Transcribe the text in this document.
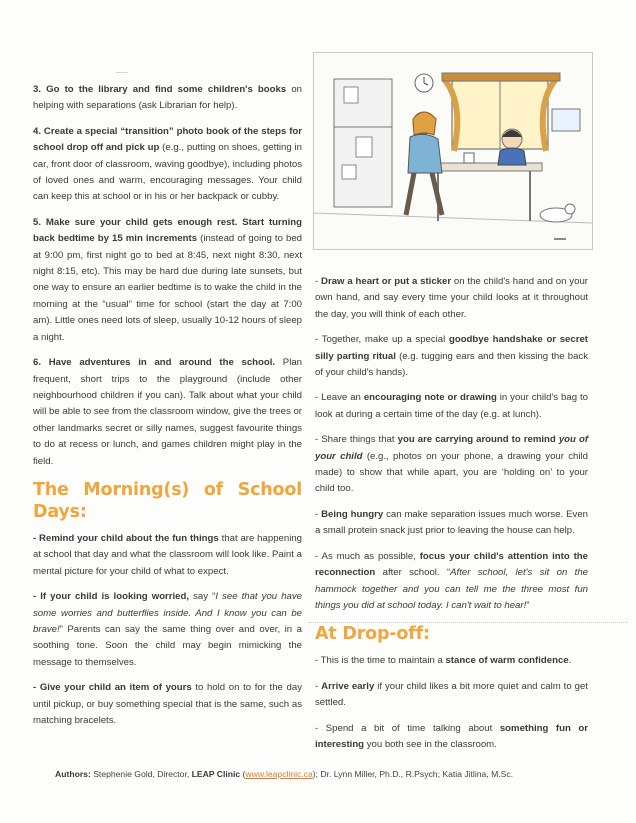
3. Go to the library and find some children's books on helping with separations (ask Librarian for help).

4. Create a special “transition” photo book of the steps for school drop off and pick up (e.g., putting on shoes, getting in car, front door of classroom, waving goodbye), including photos of loved ones and warm, encouraging messages. Your child can keep this at school or in his or her backpack or cubby.

5. Make sure your child gets enough rest. Start turning back bedtime by 15 min increments (instead of going to bed at 9:00 pm, first night go to bed at 8:45, next night 8:30, next night 8:15, etc). This may be hard due during late sunsets, but one way to ensure an earlier bedtime is to wake the child in the morning at the “usual” time for school (start the day at 7:00 am). Little ones need lots of sleep, usually 10-12 hours of sleep a night.

6. Have adventures in and around the school. Plan frequent, short trips to the playground (include other neighbourhood children if you can). Talk about what your child will be able to see from the classroom window, give the trees or other landmarks secret or silly names, suggest favourite things to do at recess or lunch, and games children might play in the field.

The Morning(s) of School Days:

- Remind your child about the fun things that are happening at school that day and what the classroom will look like. Paint a mental picture for your child of what to expect.

- If your child is looking worried, say “I see that you have some worries and butterflies inside. And I know you can be brave!” Parents can say the same thing over and over, in a soothing tone. Soon the child may begin mimicking the message to themselves.

- Give your child an item of yours to hold on to for the day until pickup, or buy something special that is the same, such as matching bracelets.

- Draw a heart or put a sticker on the child's hand and on your own hand, and say every time your child looks at it throughout the day, you will think of each other.

- Together, make up a special goodbye handshake or secret silly parting ritual (e.g. tugging ears and then kissing the back of your child's hands).

- Leave an encouraging note or drawing in your child's bag to look at during a certain time of the day (e.g. at lunch).

- Share things that you are carrying around to remind you of your child (e.g., photos on your phone, a drawing your child made) to show that while apart, you are ‘holding on’ to your child too.

- Being hungry can make separation issues much worse. Even a small protein snack just prior to leaving the house can help.

- As much as possible, focus your child's attention into the reconnection after school. “After school, let's sit on the hammock together and you can tell me the three most fun things you did at school today. I can't wait to hear!”

At Drop-off:

- This is the time to maintain a stance of warm confidence.

- Arrive early if your child likes a bit more quiet and calm to get settled.

- Spend a bit of time talking about something fun or interesting you both see in the classroom.

Authors: Stephenie Gold, Director, LEAP Clinic (www.leapclinic.ca); Dr. Lynn Miller, Ph.D., R.Psych; Katia Jitlina, M.Sc.
